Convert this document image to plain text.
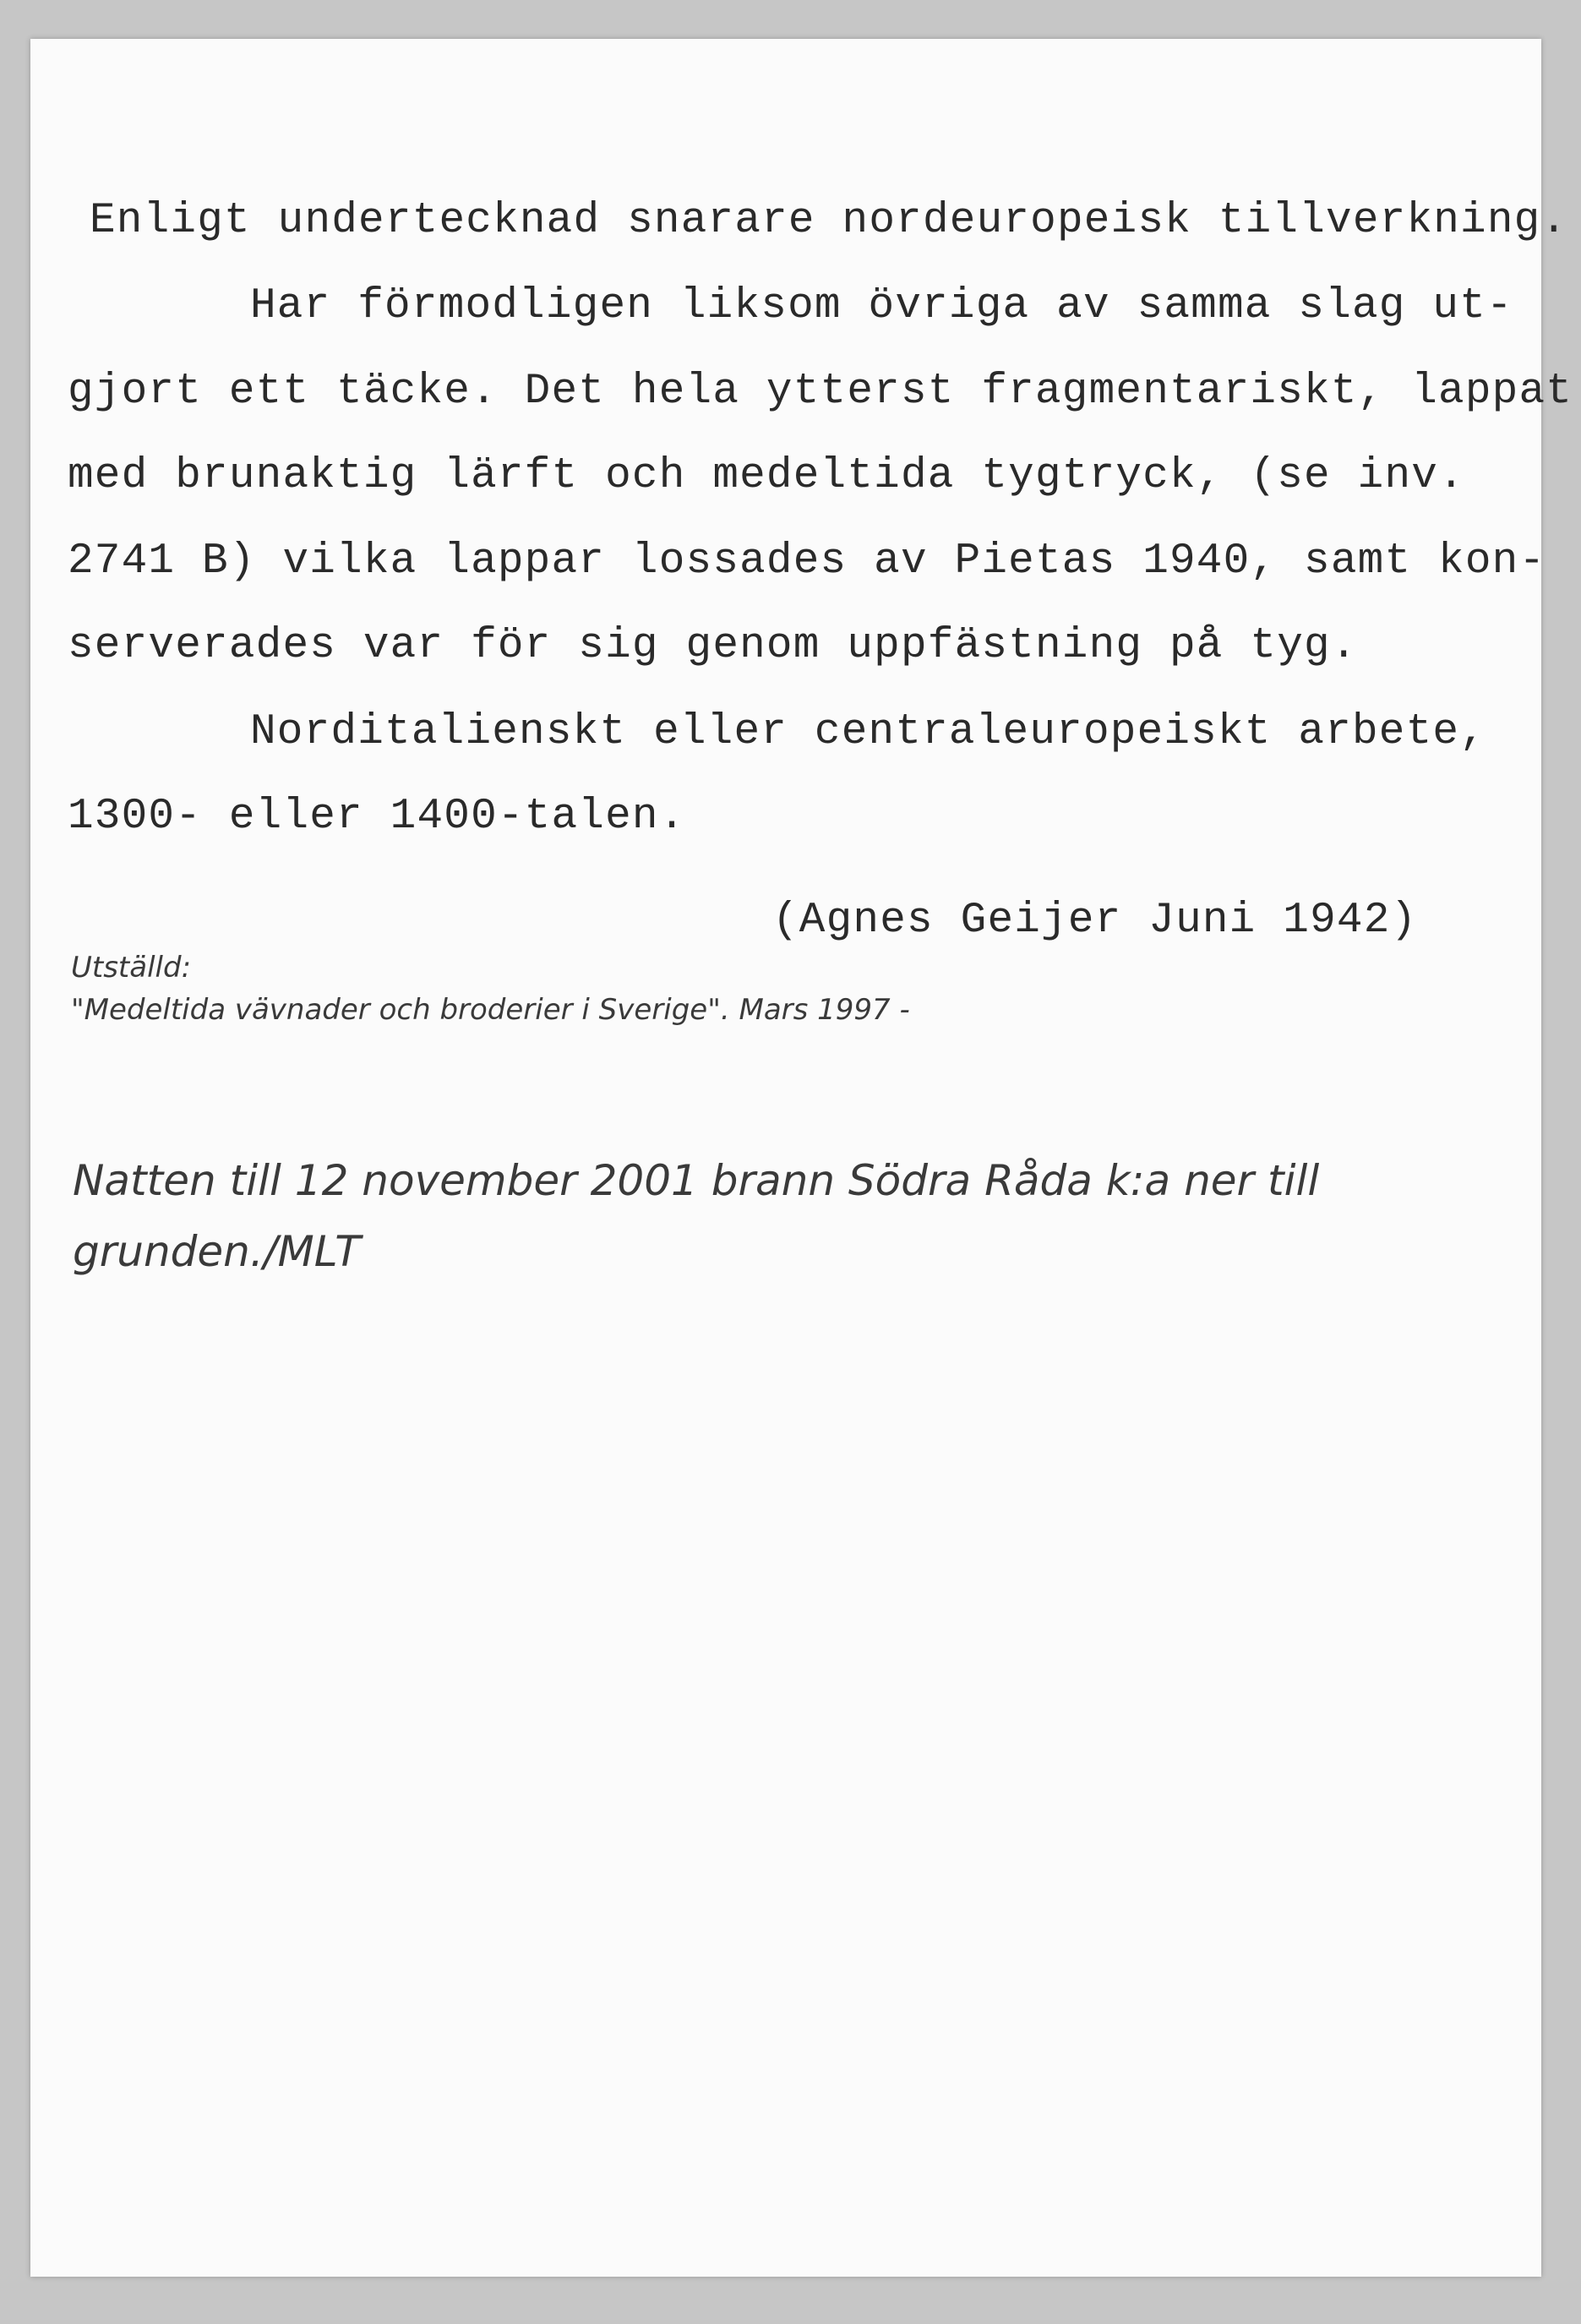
Enligt undertecknad snarare nordeuropeisk tillverkning.
Har förmodligen liksom övriga av samma slag ut-
gjort ett täcke. Det hela ytterst fragmentariskt, lappat
med brunaktig lärft och medeltida tygtryck, (se inv.
2741 B) vilka lappar lossades av Pietas 1940, samt kon-
serverades var för sig genom uppfästning på tyg.
Norditalienskt eller centraleuropeiskt arbete,
1300- eller 1400-talen.
(Agnes Geijer Juni 1942)
Utställd:
"Medeltida vävnader och broderier i Sverige". Mars 1997 -
Natten till 12 november 2001 brann Södra Råda k:a ner till
grunden./MLT
